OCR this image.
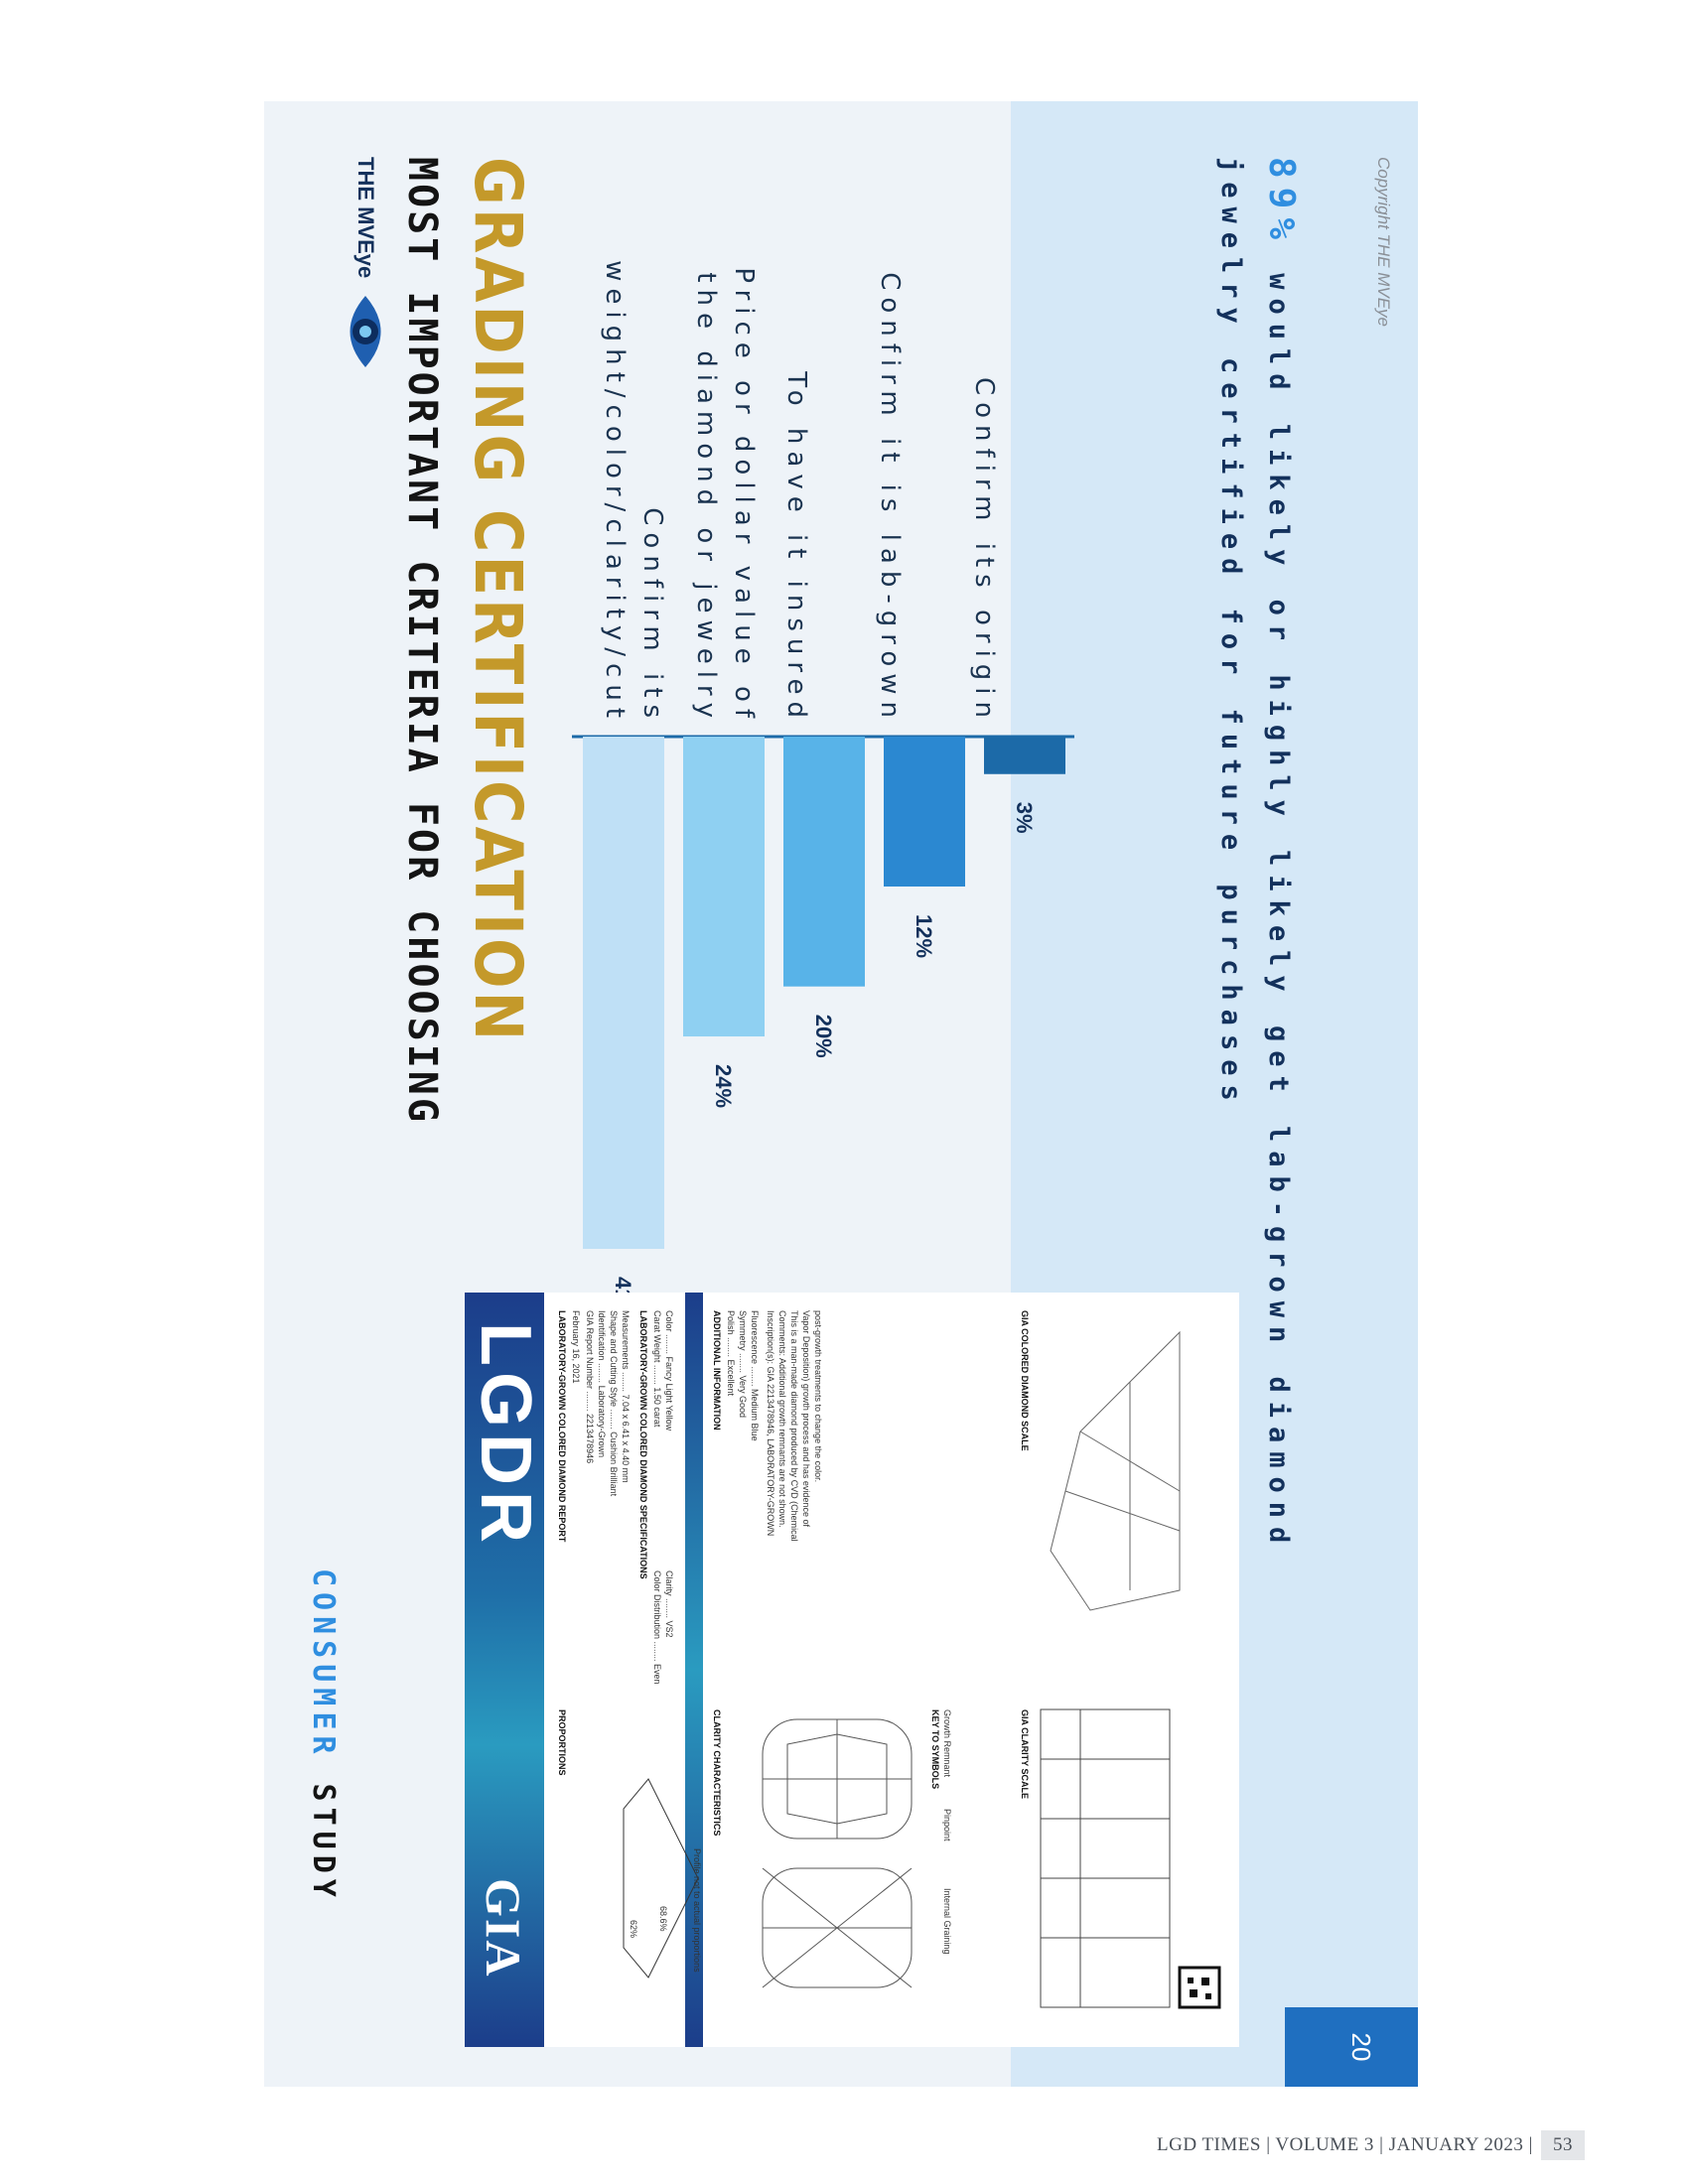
20
Copyright THE MVEye
89% would likely or highly likely get lab-grown diamond
jewelry certified for future purchases
THE MVEye MOST IMPORTANT CRITERIA FOR CHOOSING GRADING CERTIFICATION	Confirm its
weight/color/clarity/cut	Price or dollar value of
the diamond or jewelry To have it insured Confirm it is lab-grown	Confirm its origin
24%
20%
12%
3%
CONSUMER STUDY
LGDR
GIA
LABORATORY-GROWN COLORED DIAMOND REPORT February 16, 2021 GIA Report Number ........ 2213478946
Identification ........ Laboratory-Grown
Shape and Cutting Style ........ Cushion Brilliant
Measurements ........ 7.04 x 6.41 x 4.40 mm LABORATORY-GROWN COLORED DIAMOND SPECIFICATIONS Carat Weight ........ 1.50 carat
Color ........ Fancy Light Yellow
Color Distribution ........ Even
Clarity ........ VS2
ADDITIONAL INFORMATION Polish ........ Excellent
Symmetry ........ Very Good
Fluorescence ........ Medium Blue Inscription(s): GIA 2213478946, LABORATORY-GROWN Comments: Additional growth remnants are not shown. This is a man-made diamond produced by CVD (Chemical Vapor Deposition) growth process and has evidence of post-growth treatments to change the color.
PROPORTIONS
62% 68.6%	Profile not to actual proportions
CLARITY CHARACTERISTICS	KEY TO SYMBOLS Growth Remnant
Pinpoint
Internal Graining
GIA COLORED DIAMOND SCALE
GIA CLARITY SCALE
LGD TIMES | VOLUME 3 | JANUARY 2023 | 53
